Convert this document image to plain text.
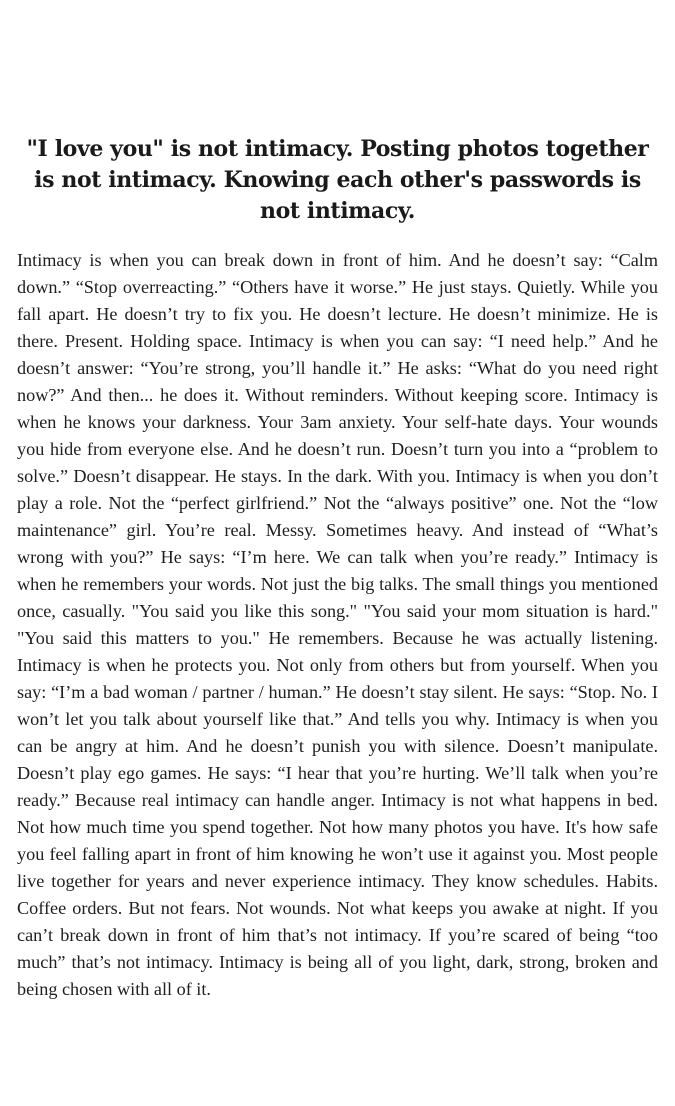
"I love you" is not intimacy. Posting photos together is not intimacy. Knowing each other's passwords is not intimacy.

Intimacy is when you can break down in front of him. And he doesn’t say: “Calm down.” “Stop overreacting.” “Others have it worse.” He just stays. Quietly. While you fall apart. He doesn’t try to fix you. He doesn’t lecture. He doesn’t minimize. He is there. Present. Holding space. Intimacy is when you can say: “I need help.” And he doesn’t answer: “You’re strong, you’ll handle it.” He asks: “What do you need right now?” And then... he does it. Without reminders. Without keeping score. Intimacy is when he knows your darkness. Your 3am anxiety. Your self-hate days. Your wounds you hide from everyone else. And he doesn’t run. Doesn’t turn you into a “problem to solve.” Doesn’t disappear. He stays. In the dark. With you. Intimacy is when you don’t play a role. Not the “perfect girlfriend.” Not the “always positive” one. Not the “low maintenance” girl. You’re real. Messy. Sometimes heavy. And instead of “What’s wrong with you?” He says: “I’m here. We can talk when you’re ready.” Intimacy is when he remembers your words. Not just the big talks. The small things you mentioned once, casually. "You said you like this song." "You said your mom situation is hard." "You said this matters to you." He remembers. Because he was actually listening. Intimacy is when he protects you. Not only from others but from yourself. When you say: “I’m a bad woman / partner / human.” He doesn’t stay silent. He says: “Stop. No. I won’t let you talk about yourself like that.” And tells you why. Intimacy is when you can be angry at him. And he doesn’t punish you with silence. Doesn’t manipulate. Doesn’t play ego games. He says: “I hear that you’re hurting. We’ll talk when you’re ready.” Because real intimacy can handle anger. Intimacy is not what happens in bed. Not how much time you spend together. Not how many photos you have. It's how safe you feel falling apart in front of him knowing he won’t use it against you. Most people live together for years and never experience intimacy. They know schedules. Habits. Coffee orders. But not fears. Not wounds. Not what keeps you awake at night. If you can’t break down in front of him that’s not intimacy. If you’re scared of being “too much” that’s not intimacy. Intimacy is being all of you light, dark, strong, broken and being chosen with all of it.
